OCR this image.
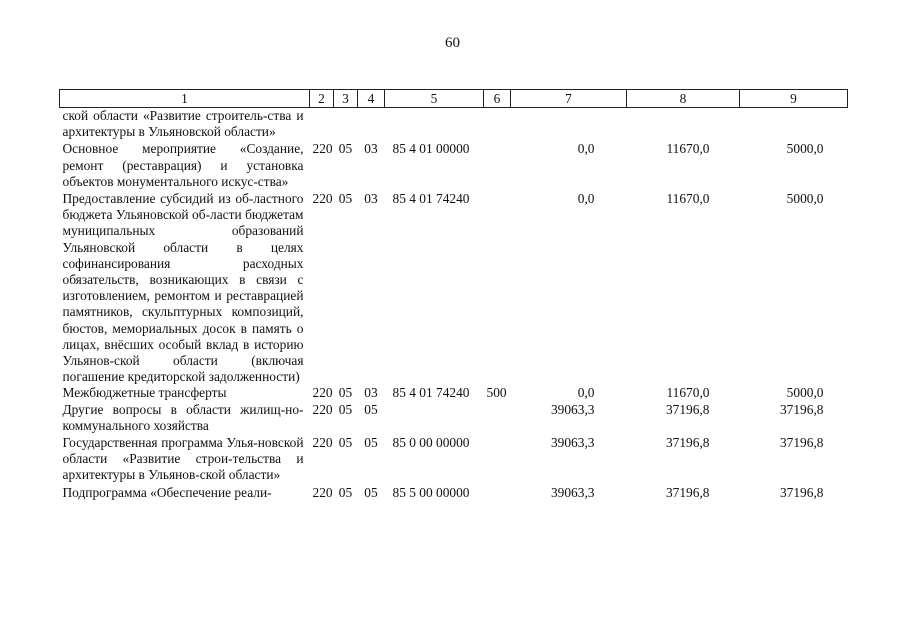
60
1	2	3	4	5	6	7	8	9
ской области «Развитие строитель-ства и архитектуры в Ульяновской области»								
Основное мероприятие «Создание, ремонт (реставрация) и установка объектов монументального искус-ства»	220	05	03	85 4 01 00000		0,0	11670,0	5000,0
Предоставление субсидий из об-ластного бюджета Ульяновской об-ласти бюджетам муниципальных образований Ульяновской области в целях софинансирования расходных обязательств, возникающих в связи с изготовлением, ремонтом и реставрацией памятников, скульптурных композиций, бюстов, мемориальных досок в память о лицах, внёсших особый вклад в историю Ульянов-ской области (включая погашение кредиторской задолженности)	220	05	03	85 4 01 74240		0,0	11670,0	5000,0
Межбюджетные трансферты	220	05	03	85 4 01 74240	500	0,0	11670,0	5000,0
Другие вопросы в области жилищ-но-коммунального хозяйства	220	05	05			39063,3	37196,8	37196,8
Государственная программа Улья-новской области «Развитие строи-тельства и архитектуры в Ульянов-ской области»	220	05	05	85 0 00 00000		39063,3	37196,8	37196,8
Подпрограмма «Обеспечение реали-	220	05	05	85 5 00 00000		39063,3	37196,8	37196,8
